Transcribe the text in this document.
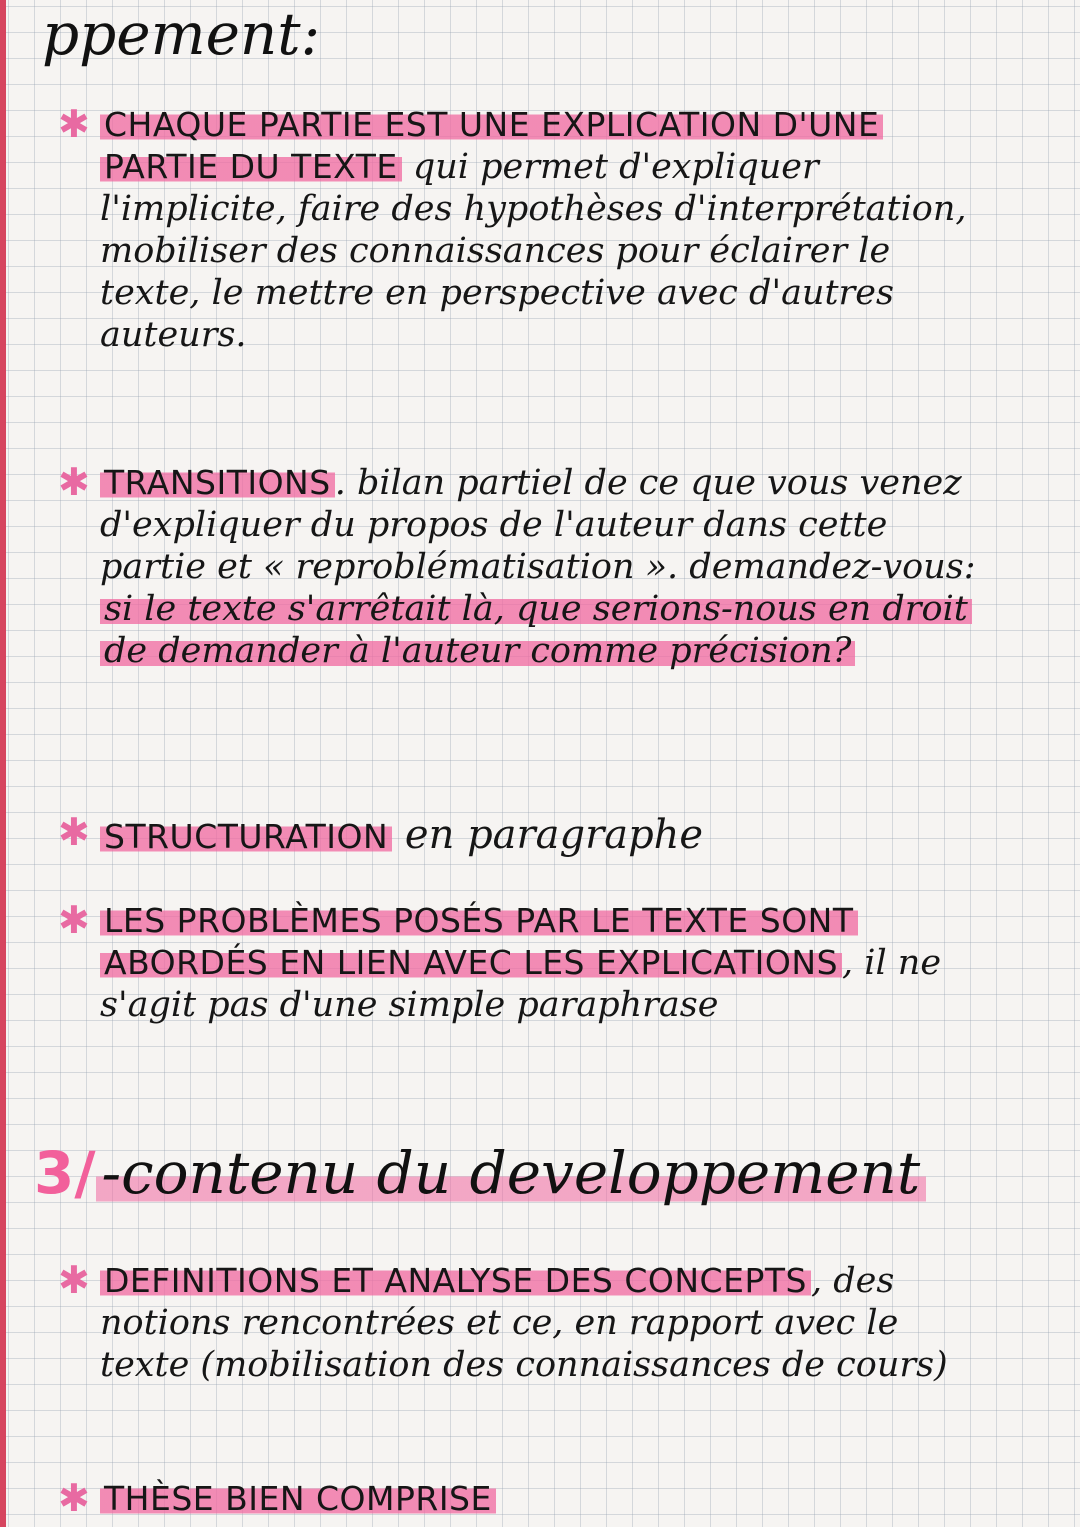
ppement:
✱ CHAQUE PARTIE EST UNE EXPLICATION D'UNE PARTIE DU TEXTE qui permet d'expliquer l'implicite, faire des hypothèses d'interprétation, mobiliser des connaissances pour éclairer le texte, le mettre en perspective avec d'autres auteurs.
✱ TRANSITIONS . bilan partiel de ce que vous venez d'expliquer du propos de l'auteur dans cette partie et « reproblématisation ». demandez-vous: si le texte s'arrêtait là, que serions-nous en droit de demander à l'auteur comme précision?
✱ STRUCTURATION en paragraphe
✱ LES PROBLÈMES POSÉS PAR LE TEXTE SONT ABORDÉS EN LIEN AVEC LES EXPLICATIONS , il ne s'agit pas d'une simple paraphrase
3/ -contenu du developpement
✱ DEFINITIONS ET ANALYSE DES CONCEPTS , des notions rencontrées et ce, en rapport avec le texte (mobilisation des connaissances de cours)
✱ THÈSE BIEN COMPRISE
